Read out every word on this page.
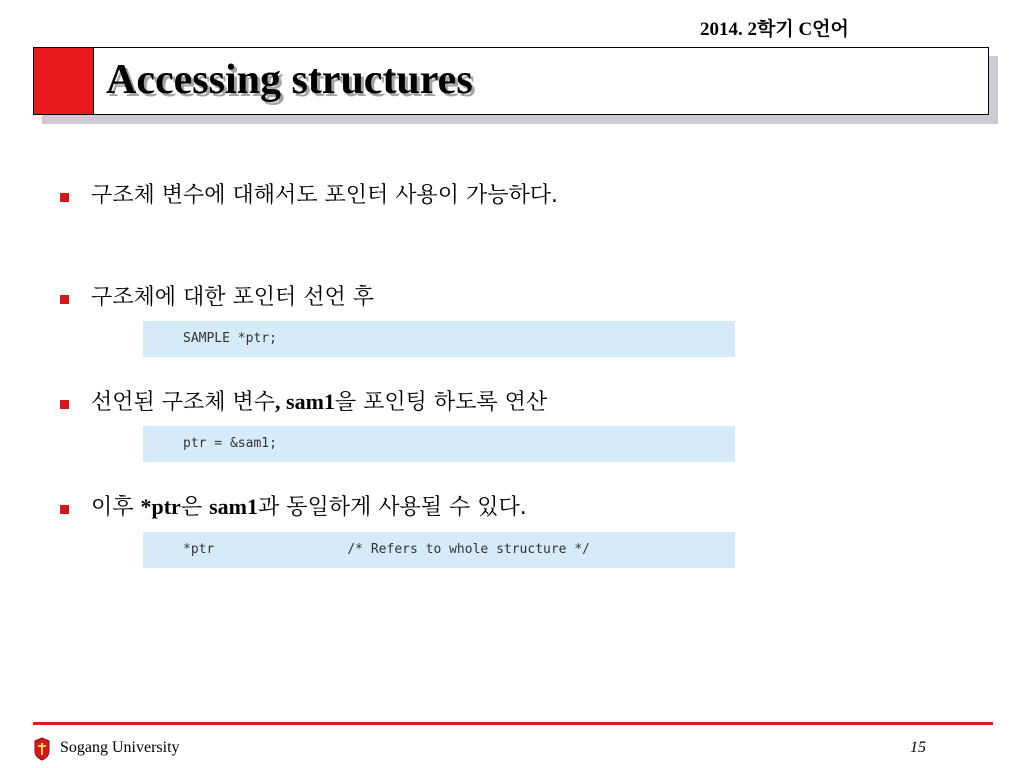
2014. 2학기 C언어
Accessing structures
구조체 변수에 대해서도 포인터 사용이 가능하다.
구조체에 대한 포인터 선언 후
SAMPLE *ptr;
선언된 구조체 변수, sam1을 포인팅 하도록 연산
ptr = &sam1;
이후 *ptr은 sam1과 동일하게 사용될 수 있다.
*ptr                 /* Refers to whole structure */
Sogang University	15
